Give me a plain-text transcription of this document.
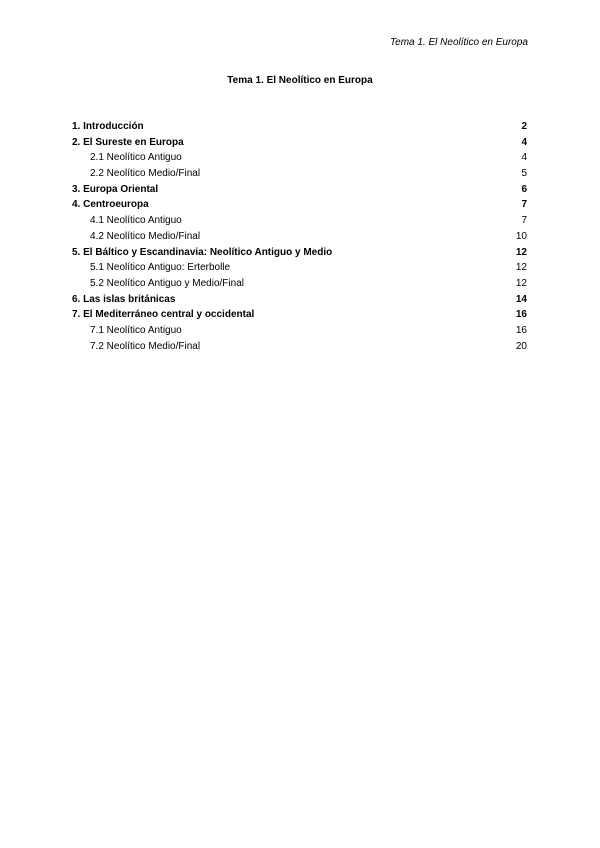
Tema 1. El Neolítico en Europa
Tema 1. El Neolítico en Europa
1. Introducción	2
2. El Sureste en Europa	4
2.1 Neolítico Antiguo	4
2.2 Neolítico Medio/Final	5
3. Europa Oriental	6
4. Centroeuropa	7
4.1 Neolítico Antiguo	7
4.2 Neolítico Medio/Final	10
5. El Báltico y Escandinavia: Neolítico Antiguo y Medio	12
5.1 Neolítico Antiguo: Erterbolle	12
5.2 Neolítico Antiguo y Medio/Final	12
6. Las islas británicas	14
7. El Mediterráneo central y occidental	16
7.1 Neolítico Antiguo	16
7.2 Neolítico Medio/Final	20
